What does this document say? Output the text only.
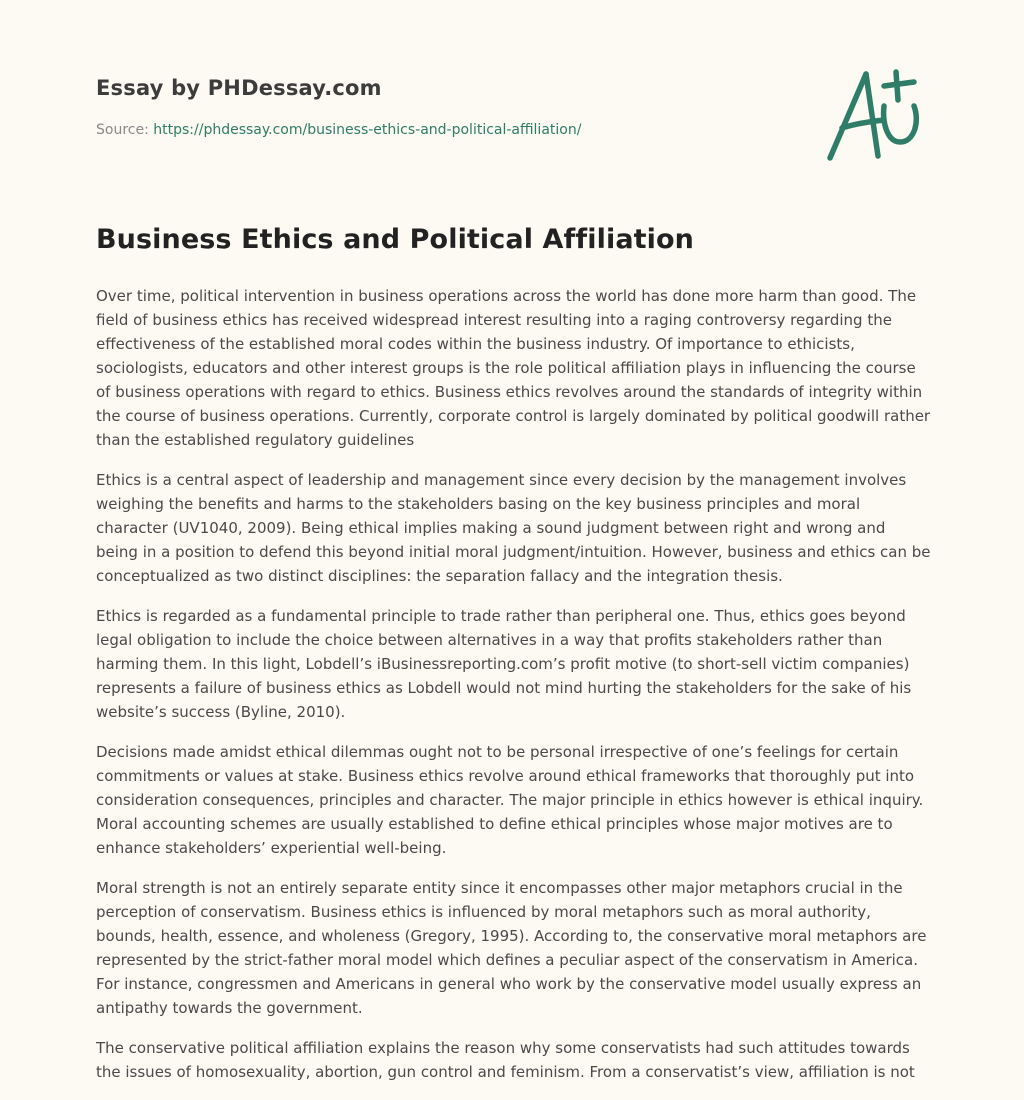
Essay by PHDessay.com
Source: https://phdessay.com/business-ethics-and-political-affiliation/
Business Ethics and Political Affiliation

Over time, political intervention in business operations across the world has done more harm than good. The field of business ethics has received widespread interest resulting into a raging controversy regarding the effectiveness of the established moral codes within the business industry. Of importance to ethicists, sociologists, educators and other interest groups is the role political affiliation plays in influencing the course of business operations with regard to ethics. Business ethics revolves around the standards of integrity within the course of business operations. Currently, corporate control is largely dominated by political goodwill rather than the established regulatory guidelines

Ethics is a central aspect of leadership and management since every decision by the management involves weighing the benefits and harms to the stakeholders basing on the key business principles and moral character (UV1040, 2009). Being ethical implies making a sound judgment between right and wrong and being in a position to defend this beyond initial moral judgment/intuition. However, business and ethics can be conceptualized as two distinct disciplines: the separation fallacy and the integration thesis.

Ethics is regarded as a fundamental principle to trade rather than peripheral one. Thus, ethics goes beyond legal obligation to include the choice between alternatives in a way that profits stakeholders rather than harming them. In this light, Lobdell’s iBusinessreporting.com’s profit motive (to short-sell victim companies) represents a failure of business ethics as Lobdell would not mind hurting the stakeholders for the sake of his website’s success (Byline, 2010).

Decisions made amidst ethical dilemmas ought not to be personal irrespective of one’s feelings for certain commitments or values at stake. Business ethics revolve around ethical frameworks that thoroughly put into consideration consequences, principles and character. The major principle in ethics however is ethical inquiry. Moral accounting schemes are usually established to define ethical principles whose major motives are to enhance stakeholders’ experiential well-being.

Moral strength is not an entirely separate entity since it encompasses other major metaphors crucial in the perception of conservatism. Business ethics is influenced by moral metaphors such as moral authority, bounds, health, essence, and wholeness (Gregory, 1995). According to, the conservative moral metaphors are represented by the strict-father moral model which defines a peculiar aspect of the conservatism in America. For instance, congressmen and Americans in general who work by the conservative model usually express an antipathy towards the government.

The conservative political affiliation explains the reason why some conservatists had such attitudes towards the issues of homosexuality, abortion, gun control and feminism. From a conservatist’s view, affiliation is not
